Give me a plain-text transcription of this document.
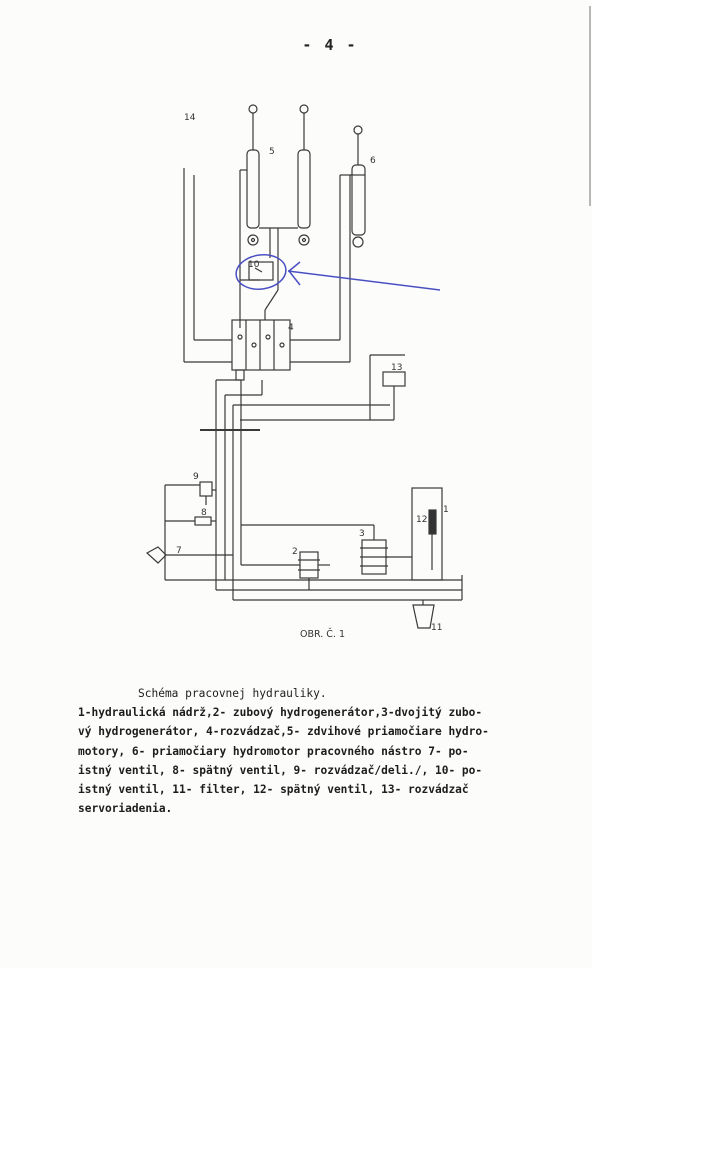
- 4 -
14
5
6
10
4
13
9
8
7	2
3
12
1
11
OBR. Č. 1
Schéma pracovnej hydrauliky.
1-hydraulická nádrž,2- zubový hydrogenerátor,3-dvojitý zubo-
vý hydrogenerátor, 4-rozvádzač,5- zdvihové priamočiare hydro-
motory, 6- priamočiary hydromotor pracovného nástro 7- po-
istný ventil, 8- spätný ventil, 9- rozvádzač/deli./, 10- po-
istný ventil, 11- filter, 12- spätný ventil, 13- rozvádzač
servoriadenia.
